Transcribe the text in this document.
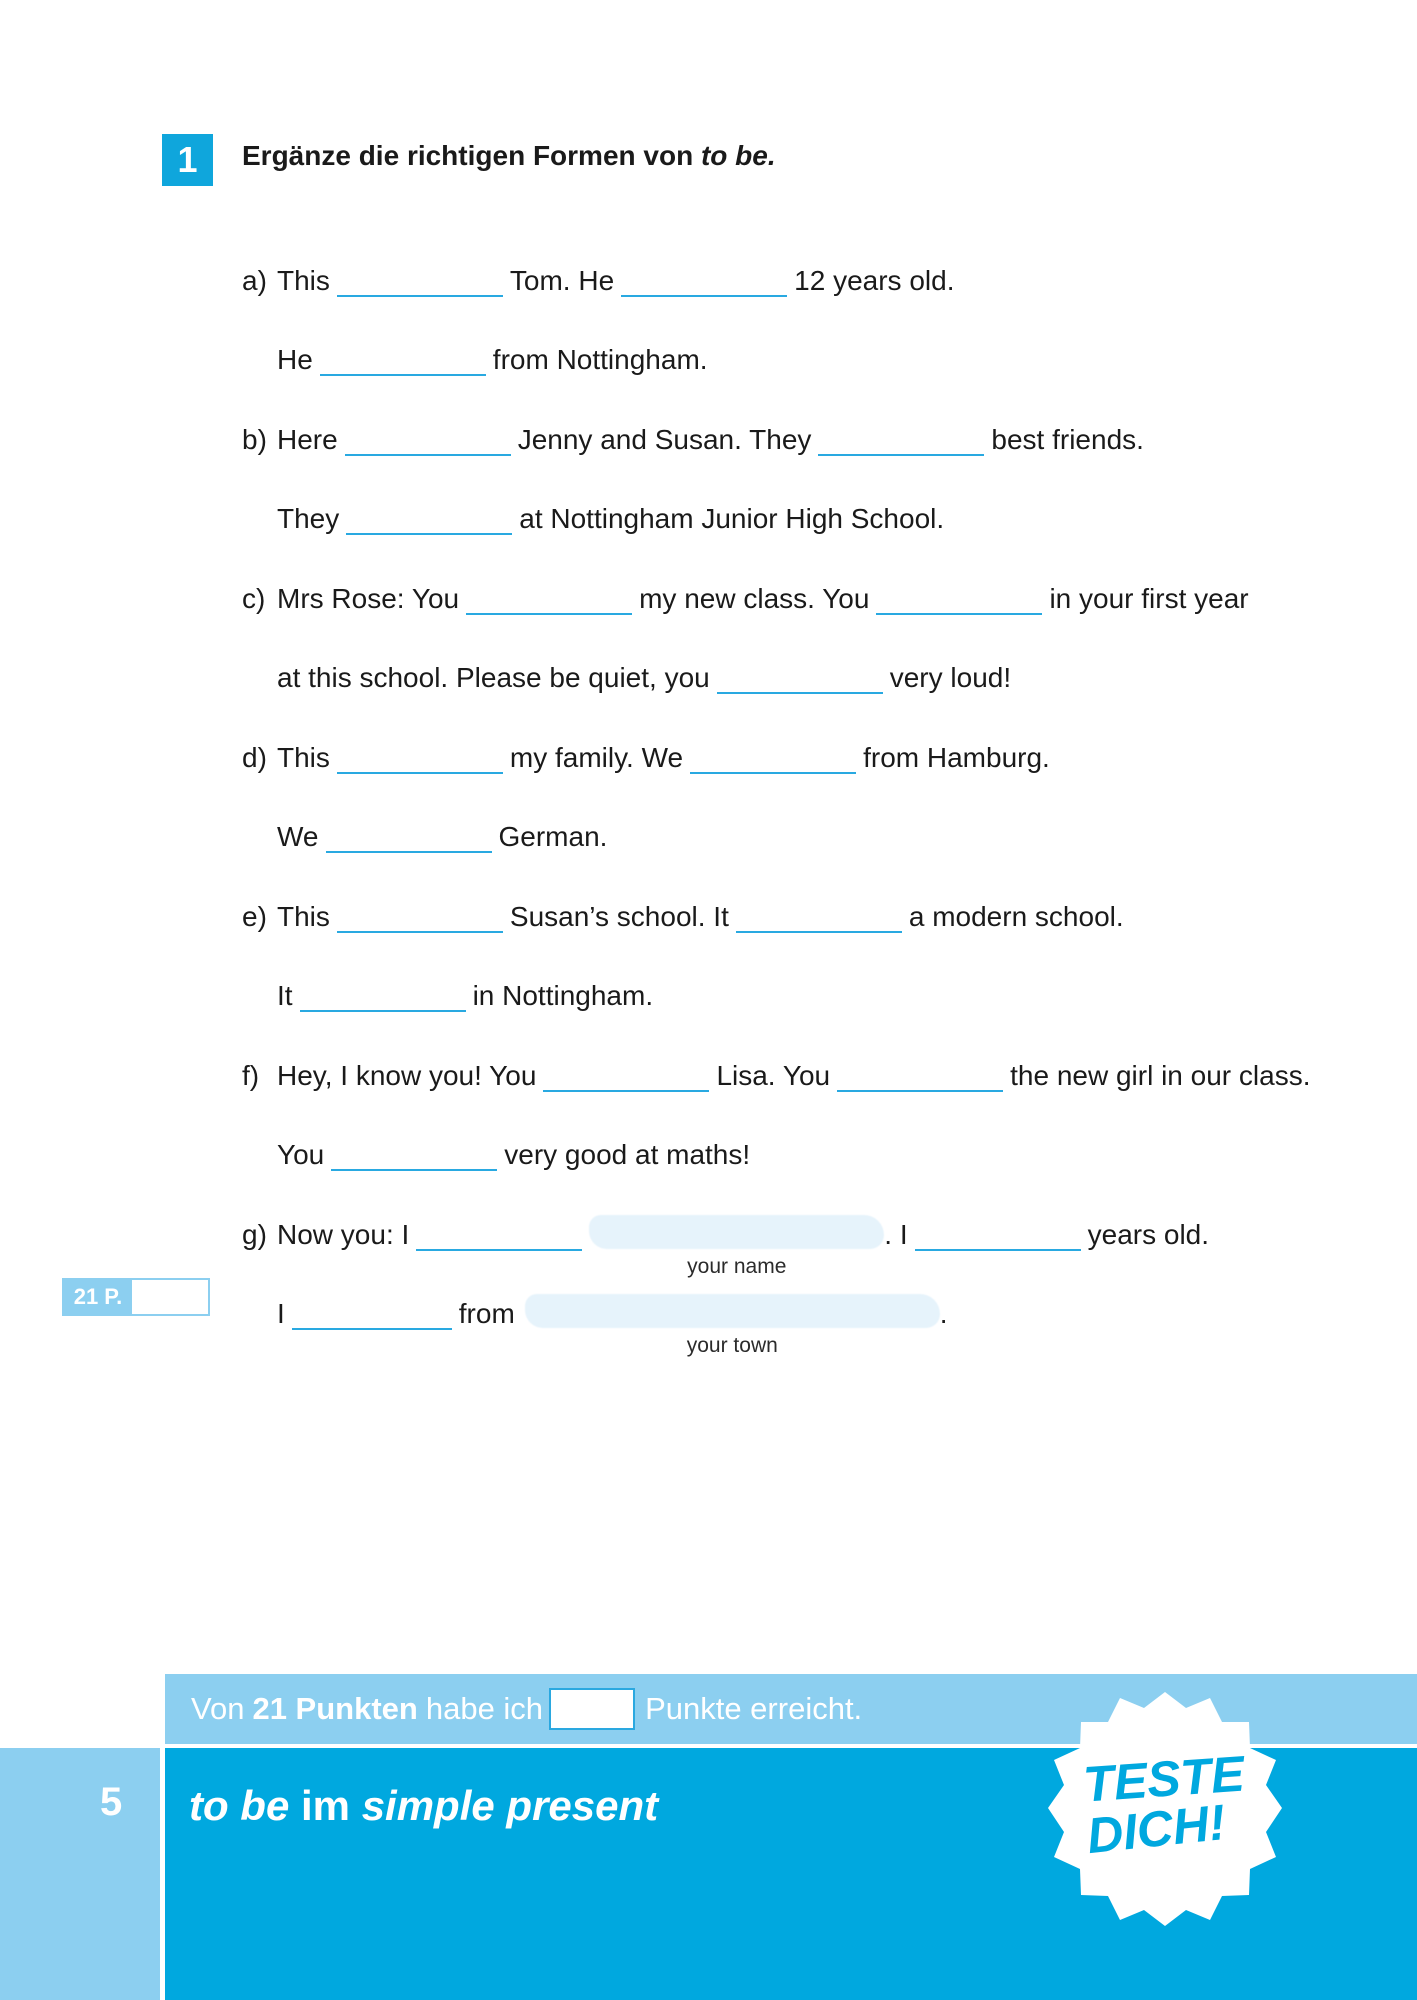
1	Ergänze die richtigen Formen von to be.
a) This	Tom. He	12 years old.
He	from Nottingham.
b) Here	Jenny and Susan. They	best friends.
They	at Nottingham Junior High School.
c) Mrs Rose: You	my new class. You	in your first year
at this school. Please be quiet, you	very loud!
d) This	my family. We	from Hamburg.
We	German.
e) This	Susan’s school. It	a modern school.
It	in Nottingham.
f) Hey, I know you! You	Lisa. You	the new girl in our class.
You	very good at maths!
g) Now you: I
your name
. I	years old.
I	from
your town
.
21 P.
Von 21 Punkten habe ich	Punkte erreicht.
5 to be im simple present	TESTE
DICH!
